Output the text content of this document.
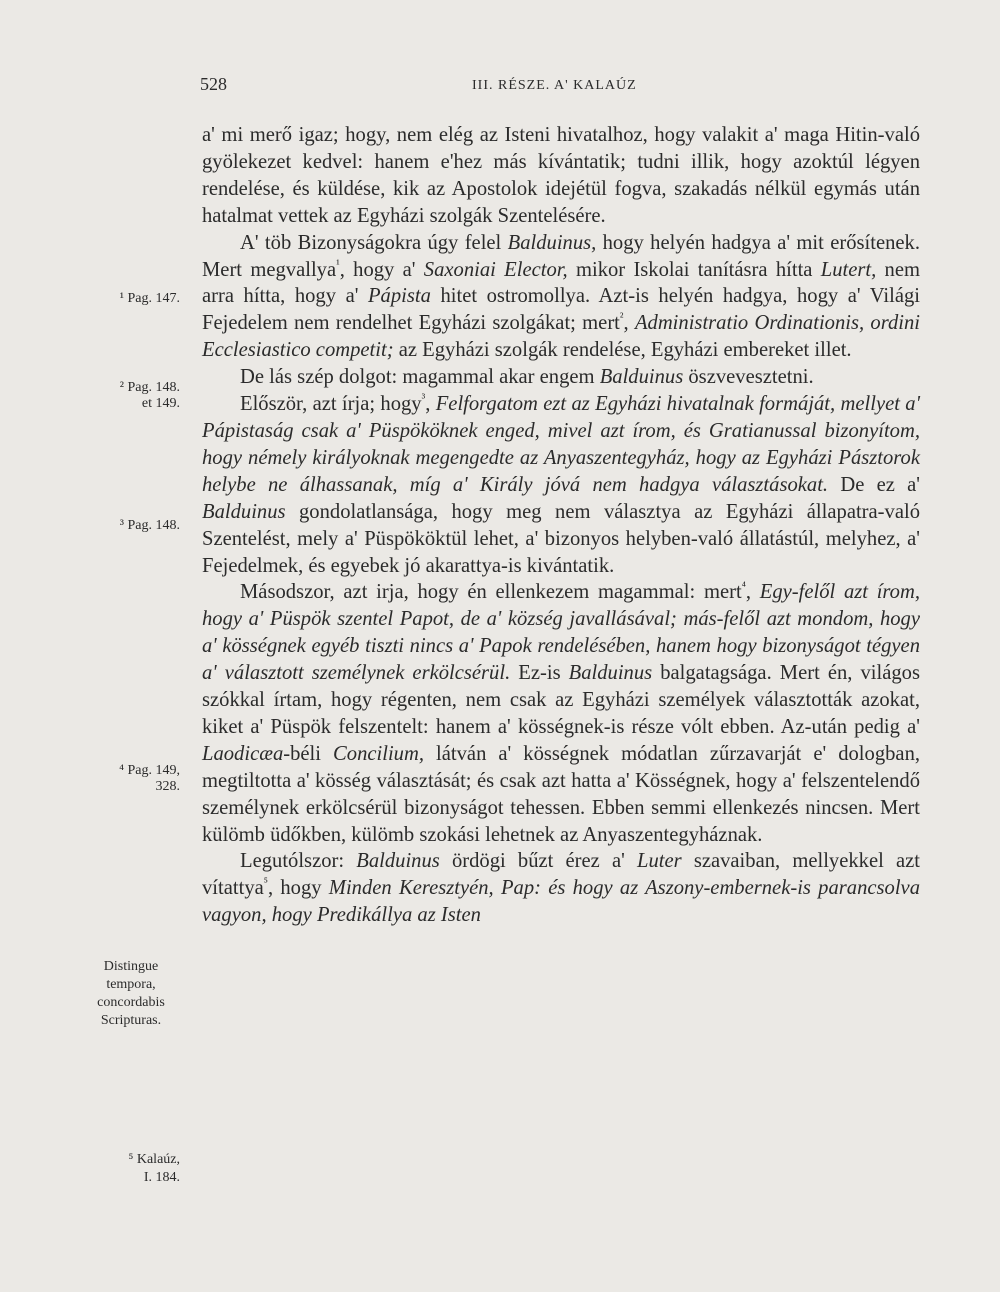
528	III. RÉSZE. A' KALAÚZ
¹ Pag. 147.
² Pag. 148.
et 149.
³ Pag. 148.
⁴ Pag. 149,
328.
Distingue
tempora,
concordabis
Scripturas.
⁵ Kalaúz,
I. 184.

a' mi merő igaz; hogy, nem elég az Isteni hivatalhoz, hogy valakit a' maga Hitin-való gyölekezet kedvel: hanem e'hez más kívántatik; tudni illik, hogy azoktúl légyen rendelése, és küldése, kik az Apostolok idejétül fogva, szakadás nélkül egymás után hatalmat vettek az Egyházi szolgák Szentelésére.

A' töb Bizonyságokra úgy felel Balduinus, hogy helyén hadgya a' mit erősítenek. Mert megvallya$^{^1}$, hogy a' Saxoniai Elector, mikor Iskolai tanításra hítta Lutert, nem arra hítta, hogy a' Pápista hitet ostromollya. Azt-is helyén hadgya, hogy a' Világi Fejedelem nem rendelhet Egyházi szolgákat; mert$^{^2}$, Administratio Ordinationis, ordini Ecclesiastico competit; az Egyházi szolgák rendelése, Egyházi embereket illet.

De lás szép dolgot: magammal akar engem Balduinus öszvevesztetni.

Először, azt írja; hogy$^{^3}$, Felforgatom ezt az Egyházi hivatalnak formáját, mellyet a' Pápistaság csak a' Püspököknek enged, mivel azt írom, és Gratianussal bizonyítom, hogy némely királyoknak megengedte az Anyaszentegyház, hogy az Egyházi Pásztorok helybe ne álhassanak, míg a' Király jóvá nem hadgya választásokat. De ez a' Balduinus gondolatlansága, hogy meg nem választya az Egyházi állapatra-való Szentelést, mely a' Püspököktül lehet, a' bizonyos helyben-való állatástúl, melyhez, a' Fejedelmek, és egyebek jó akarattya-is kivántatik.

Másodszor, azt irja, hogy én ellenkezem magammal: mert$^{^4}$, Egy-felől azt írom, hogy a' Püspök szentel Papot, de a' község javallásával; más-felől azt mondom, hogy a' kösségnek egyéb tiszti nincs a' Papok rendelésében, hanem hogy bizonyságot tégyen a' választott személynek erkölcsérül. Ez-is Balduinus balgatagsága. Mert én, világos szókkal írtam, hogy régenten, nem csak az Egyházi személyek választották azokat, kiket a' Püspök felszentelt: hanem a' kösségnek-is része vólt ebben. Az-után pedig a' Laodicæa-béli Concilium, látván a' kösségnek módatlan zűrzavarját e' dologban, megtiltotta a' kösség választását; és csak azt hatta a' Kösségnek, hogy a' felszentelendő személynek erkölcsérül bizonyságot tehessen. Ebben semmi ellenkezés nincsen. Mert külömb üdőkben, külömb szokási lehetnek az Anyaszentegyháznak.

Legutólszor: Balduinus ördögi bűzt érez a' Luter szavaiban, mellyekkel azt vítattya$^{^5}$, hogy Minden Keresztyén, Pap: és hogy az Aszony-embernek-is parancsolva vagyon, hogy Predikállya az Isten
